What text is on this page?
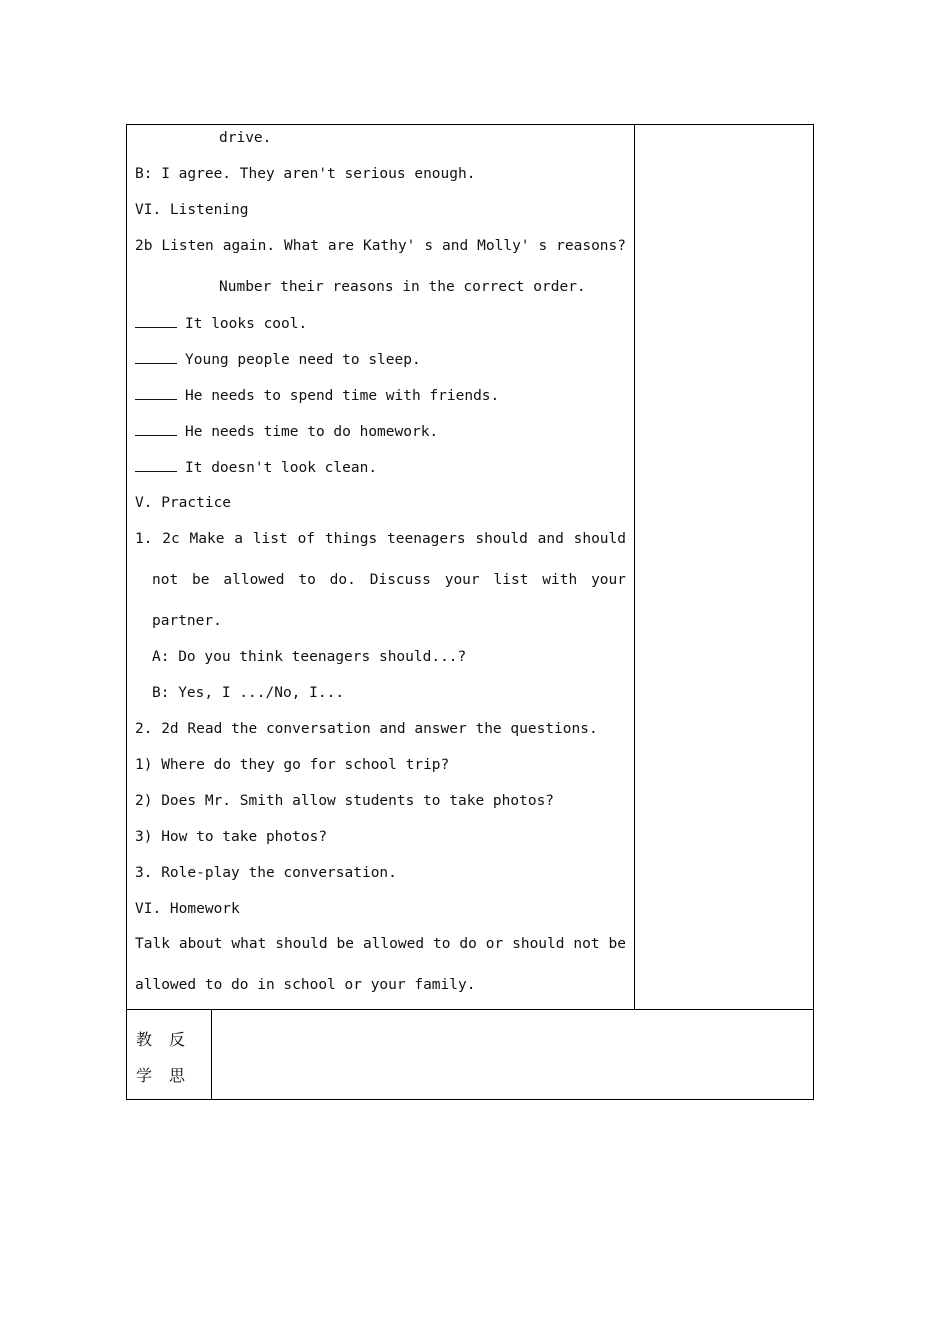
drive.
B: I agree. They aren't serious enough.
VI. Listening
2b Listen again. What are Kathy' s and Molly' s reasons?
Number their reasons in the correct order.
It looks cool.
Young people need to sleep.
He needs to spend time with friends.
He needs time to do homework.
It doesn't look clean.
V. Practice
1. 2c Make a list of things teenagers should and should
not be allowed to do. Discuss your list with your
partner.
A: Do you think teenagers should...?
B: Yes, I .../No, I...
2. 2d Read the conversation and answer the questions.
1) Where do they go for school trip?
2) Does Mr. Smith allow students to take photos?
3) How to take photos?
3. Role-play the conversation.
VI. Homework
Talk about what should be allowed to do or should not be
allowed to do in school or your family.
教 反
学 思
